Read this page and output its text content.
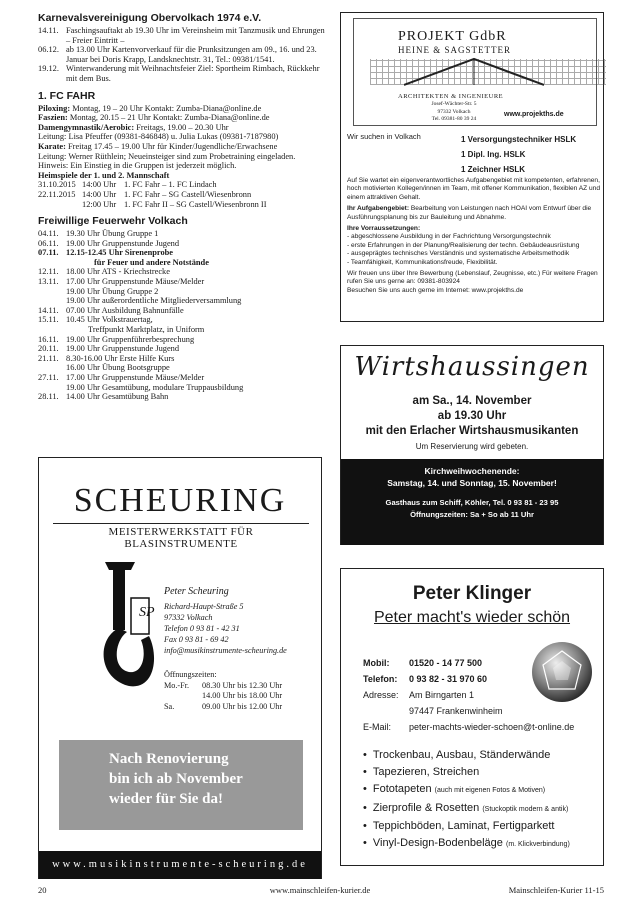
Karnevalsvereinigung Obervolkach 1974 e.V.
14.11. Faschingsauftakt ab 19.30 Uhr im Vereinsheim mit Tanzmusik und Ehrungen – Freier Eintritt –
06.12. ab 13.00 Uhr Kartenvorverkauf für die Prunksitzungen am 09., 16. und 23. Januar bei Doris Krapp, Landsknechtstr. 31, Tel.: 09381/1541.
19.12. Winterwanderung mit Weihnachtsfeier Ziel: Sportheim Rimbach, Rückkehr mit dem Bus.
1. FC FAHR
Piloxing: Montag, 19 – 20 Uhr Kontakt: Zumba-Diana@online.de
Faszien: Montag, 20.15 – 21 Uhr Kontakt: Zumba-Diana@online.de
Damengymnastik/Aerobic: Freitags, 19.00 – 20.30 Uhr
Leitung: Lisa Pfeuffer (09381-846848) u. Julia Lukas (09381-7187980)
Karate: Freitag 17.45 – 19.00 Uhr für Kinder/Jugendliche/Erwachsene
Leitung: Werner Rüthlein; Neueinsteiger sind zum Probetraining eingeladen.
Hinweis: Ein Einstieg in die Gruppen ist jederzeit möglich.
Heimspiele der 1. und 2. Mannschaft
31.10.2015 14:00 Uhr 1. FC Fahr – 1. FC Lindach
22.11.2015 14:00 Uhr 1. FC Fahr – SG Castell/Wiesenbronn
12:00 Uhr 1. FC Fahr II – SG Castell/Wiesenbronn II
Freiwillige Feuerwehr Volkach
04.11. 19.30 Uhr Übung Gruppe 1
06.11. 19.00 Uhr Gruppenstunde Jugend
07.11. 12.15-12.45 Uhr Sirenenprobe
für Feuer und andere Notstände
12.11. 18.00 Uhr ATS - Kriechstrecke
13.11. 17.00 Uhr Gruppenstunde Mäuse/Melder
19.00 Uhr Übung Gruppe 2
19.00 Uhr außerordentliche Mitgliederversammlung
14.11. 07.00 Uhr Ausbildung Bahnunfälle
15.11. 10.45 Uhr Volkstrauertag,
Treffpunkt Marktplatz, in Uniform
16.11. 19.00 Uhr Gruppenführerbesprechung
20.11. 19.00 Uhr Gruppenstunde Jugend
21.11. 8.30-16.00 Uhr Erste Hilfe Kurs
16.00 Uhr Übung Bootsgruppe
27.11. 17.00 Uhr Gruppenstunde Mäuse/Melder
19.00 Uhr Gesamtübung, modulare Truppausbildung
28.11. 14.00 Uhr Gesamtübung Bahn
PROJEKT GdbR
HEINE & SAGSTETTER
ARCHITEKTEN & INGENIEURE
Josef-Wächter-Str. 5
97332 Volkach
Tel. 09381-80 39 24
www.projekths.de
Wir suchen in Volkach	1 Versorgungstechniker HSLK
1 Dipl. Ing. HSLK
1 Zeichner HSLK

Auf Sie wartet ein eigenverantwortliches Aufgabengebiet mit kompetenten, erfahrenen, hoch motivierten Kollegen/innen im Team, mit offener Kommunikation, flexiblen AZ und einem attraktiven Gehalt.

Ihr Aufgabengebiet: Bearbeitung von Leistungen nach HOAI vom Entwurf über die Ausführungsplanung bis zur Bauleitung und Abnahme.

Ihre Vorraussetzungen:

- abgeschlossene Ausbildung in der Fachrichtung Versorgungstechnik
- erste Erfahrungen in der Planung/Realisierung der techn. Gebäudeausrüstung
- ausgeprägtes technisches Verständnis und systematische Arbeitsmethodik
- Teamfähigkeit, Kommunikationsfreude, Flexibilität.

Wir freuen uns über Ihre Bewerbung (Lebenslauf, Zeugnisse, etc.) Für weitere Fragen rufen Sie uns gerne an: 09381-803924

Besuchen Sie uns auch gerne im Internet: www.projekths.de

Wirtshaussingen
am Sa., 14. November
ab 19.30 Uhr
mit den Erlacher Wirtshausmusikanten
Um Reservierung wird gebeten.
Kirchweihwochenende:
Samstag, 14. und Sonntag, 15. November!
Gasthaus zum Schiff, Köhler, Tel. 0 93 81 - 23 95
Öffnungszeiten: Sa + So ab 11 Uhr
SCHEURING
MEISTERWERKSTATT FÜR BLASINSTRUMENTE
SP
Peter Scheuring
Richard-Haupt-Straße 5
97332 Volkach
Telefon 0 93 81 - 42 31
Fax 0 93 81 - 69 42
info@musikinstrumente-scheuring.de
Öffnungszeiten:
Mo.-Fr.	08.30 Uhr bis 12.30 Uhr
14.00 Uhr bis 18.00 Uhr
Sa.	09.00 Uhr bis 12.00 Uhr
Nach Renovierung
bin ich ab November
wieder für Sie da!
www.musikinstrumente-scheuring.de
Peter Klinger
Peter macht's wieder schön
Mobil:	01520 - 14 77 500
Telefon:	0 93 82 - 31 970 60
Adresse:	Am Birngarten 1
97447 Frankenwinheim
E-Mail:	peter-machts-wieder-schoen@t-online.de
• Trockenbau, Ausbau, Ständerwände
• Tapezieren, Streichen
• Fototapeten (auch mit eigenen Fotos & Motiven)
• Zierprofile & Rosetten (Stuckoptik modern & antik)
• Teppichböden, Laminat, Fertigparkett
• Vinyl-Design-Bodenbeläge (m. Klickverbindung)
20	www.mainschleifen-kurier.de	Mainschleifen-Kurier 11-15
